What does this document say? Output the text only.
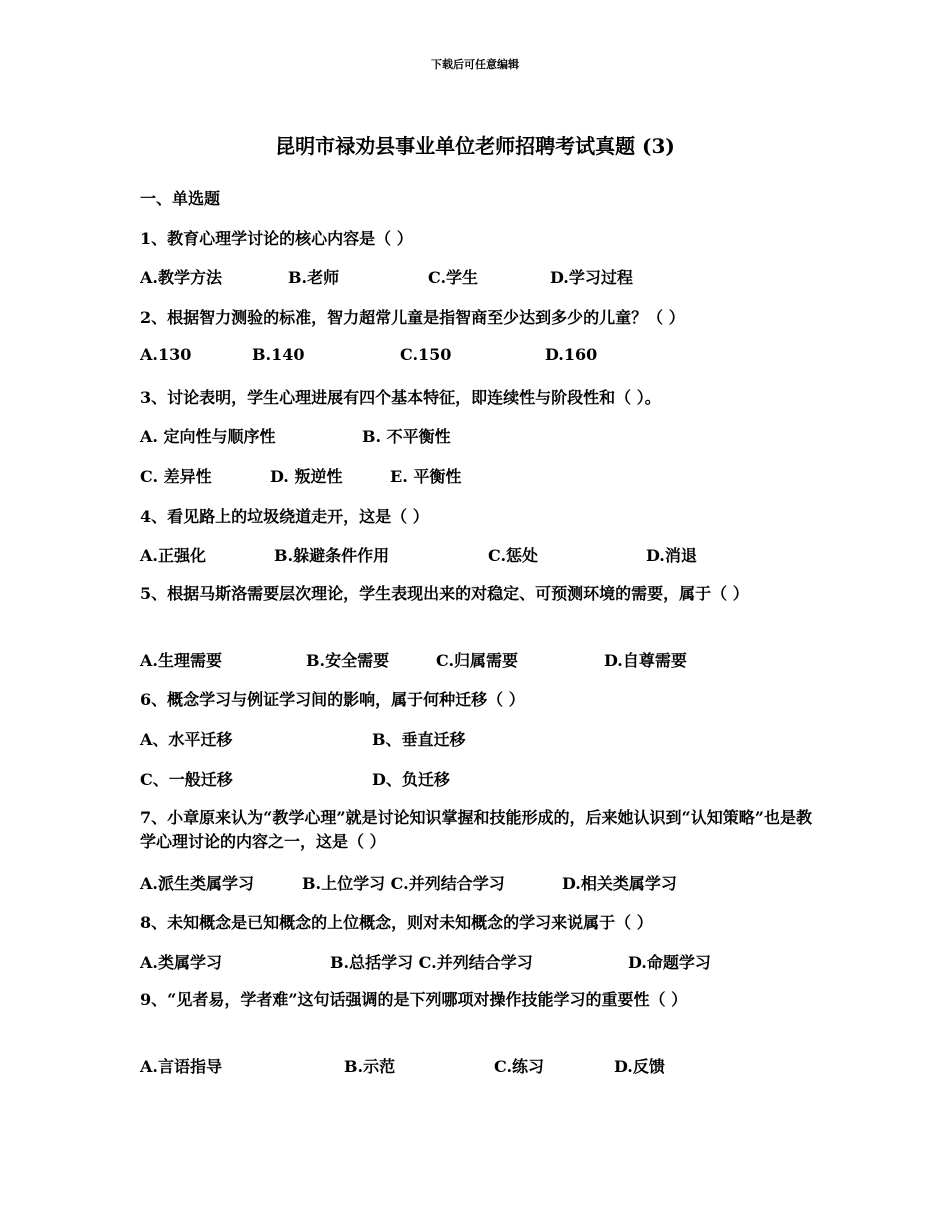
下载后可任意编辑
昆明市禄劝县事业单位老师招聘考试真题 (3)
一、单选题
1、教育心理学讨论的核心内容是（ ）
A.教学方法	B.老师	C.学生	D.学习过程
2、根据智力测验的标准，智力超常儿童是指智商至少达到多少的儿童？（ ）
A.130	B.140	C.150	D.160
3、讨论表明，学生心理进展有四个基本特征，即连续性与阶段性和（ ）。
A. 定向性与顺序性	B. 不平衡性
C. 差异性	D. 叛逆性	E. 平衡性
4、看见路上的垃圾绕道走开，这是（ ）
A.正强化	B.躲避条件作用	C.惩处	D.消退
5、根据马斯洛需要层次理论，学生表现出来的对稳定、可预测环境的需要，属于（ ）
A.生理需要	B.安全需要	C.归属需要	D.自尊需要
6、概念学习与例证学习间的影响，属于何种迁移（ ）
A、水平迁移	B、垂直迁移
C、一般迁移	D、负迁移
7、小章原来认为“教学心理”就是讨论知识掌握和技能形成的，后来她认识到“认知策略”也是教学心理讨论的内容之一，这是（ ）
A.派生类属学习	B.上位学习 C.并列结合学习	D.相关类属学习
8、未知概念是已知概念的上位概念，则对未知概念的学习来说属于（ ）
A.类属学习	B.总括学习 C.并列结合学习	D.命题学习
9、“见者易，学者难”这句话强调的是下列哪项对操作技能学习的重要性（ ）
A.言语指导	B.示范	C.练习	D.反馈
